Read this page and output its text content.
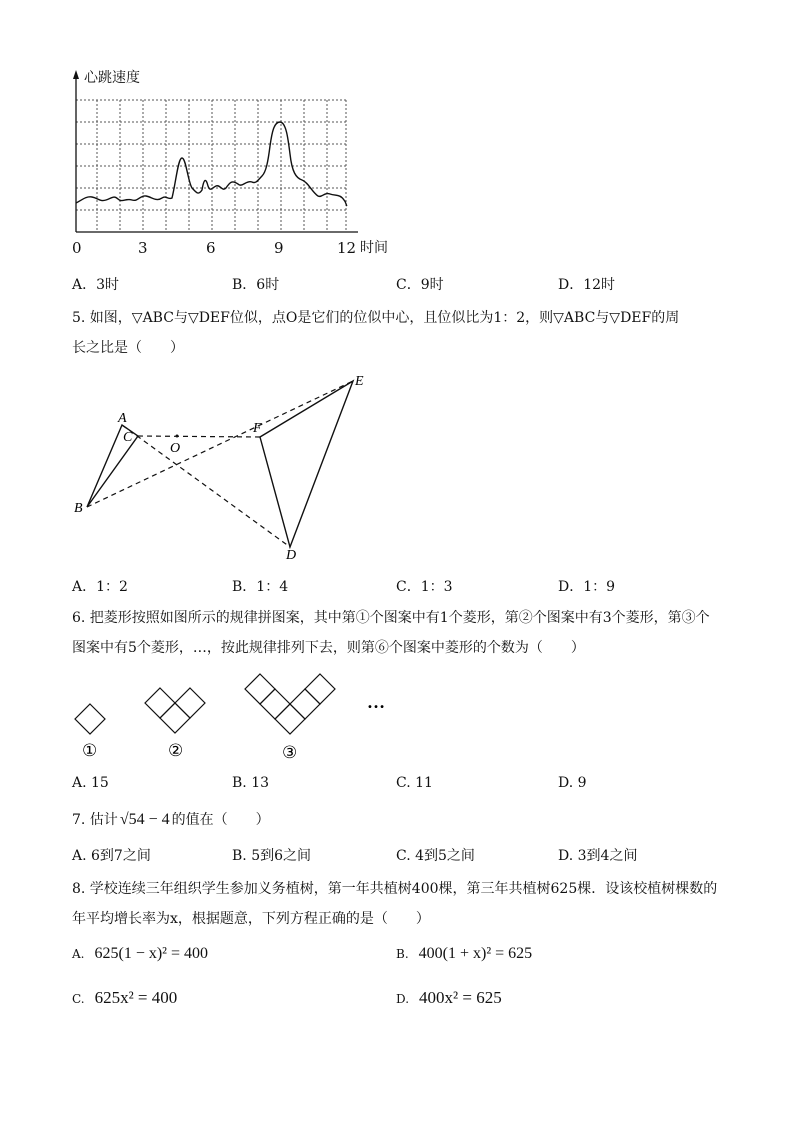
心跳速度
时间
0	3	6	9	12
A．3时	B．6时	C．9时	D．12时
5. 如图，▽ABC与▽DEF位似，点O是它们的位似中心，且位似比为1：2，则▽ABC与▽DEF的周
长之比是（　　）
A
B
C
O
F
E
D
A．1：2	B．1：4	C．1：3	D．1：9
6. 把菱形按照如图所示的规律拼图案，其中第①个图案中有1个菱形，第②个图案中有3个菱形，第③个
图案中有5个菱形，…，按此规律排列下去，则第⑥个图案中菱形的个数为（　　）
①	②	③
…
A. 15	B. 13	C. 11	D. 9
7. 估计 √54 − 4 的值在（　　）
A. 6到7之间	B. 5到6之间	C. 4到5之间	D. 3到4之间
8. 学校连续三年组织学生参加义务植树，第一年共植树400棵，第三年共植树625棵．设该校植树棵数的
年平均增长率为x，根据题意，下列方程正确的是（　　）
A. 625(1 − x)² = 400	B. 400(1 + x)² = 625
C. 625x² = 400	D. 400x² = 625
